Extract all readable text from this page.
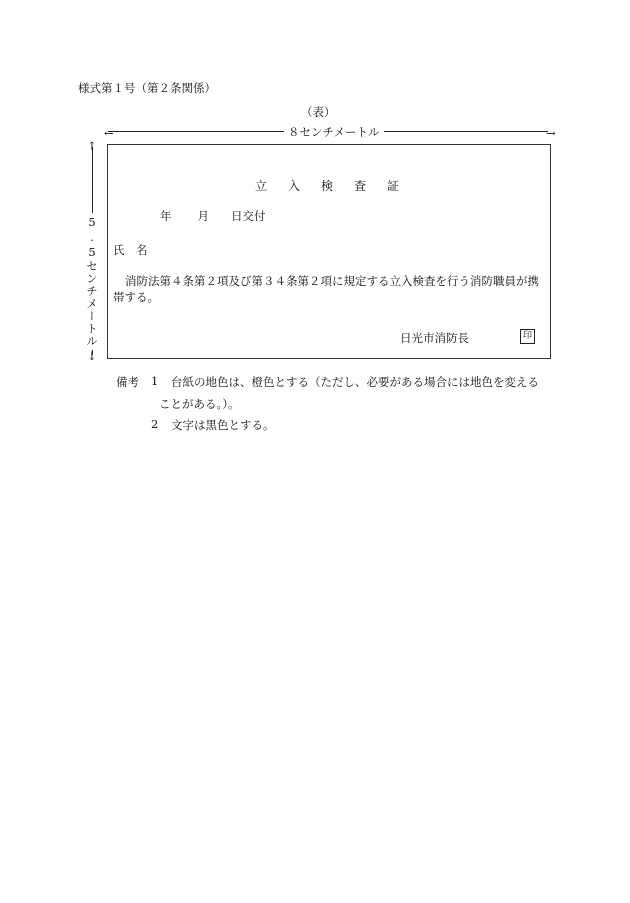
様式第１号（第２条関係）
（表）
←	→
８センチメートル
↑
↓
5.5センチメートル
立入検査証
年 月 日交付
氏　名
消防法第４条第２項及び第３４条第２項に規定する立入検査を行う消防職員が携帯する。
日光市消防長	印
備考 1 台紙の地色は、橙色とする（ただし、必要がある場合には地色を変える
ことがある。）。
2 文字は黒色とする。
